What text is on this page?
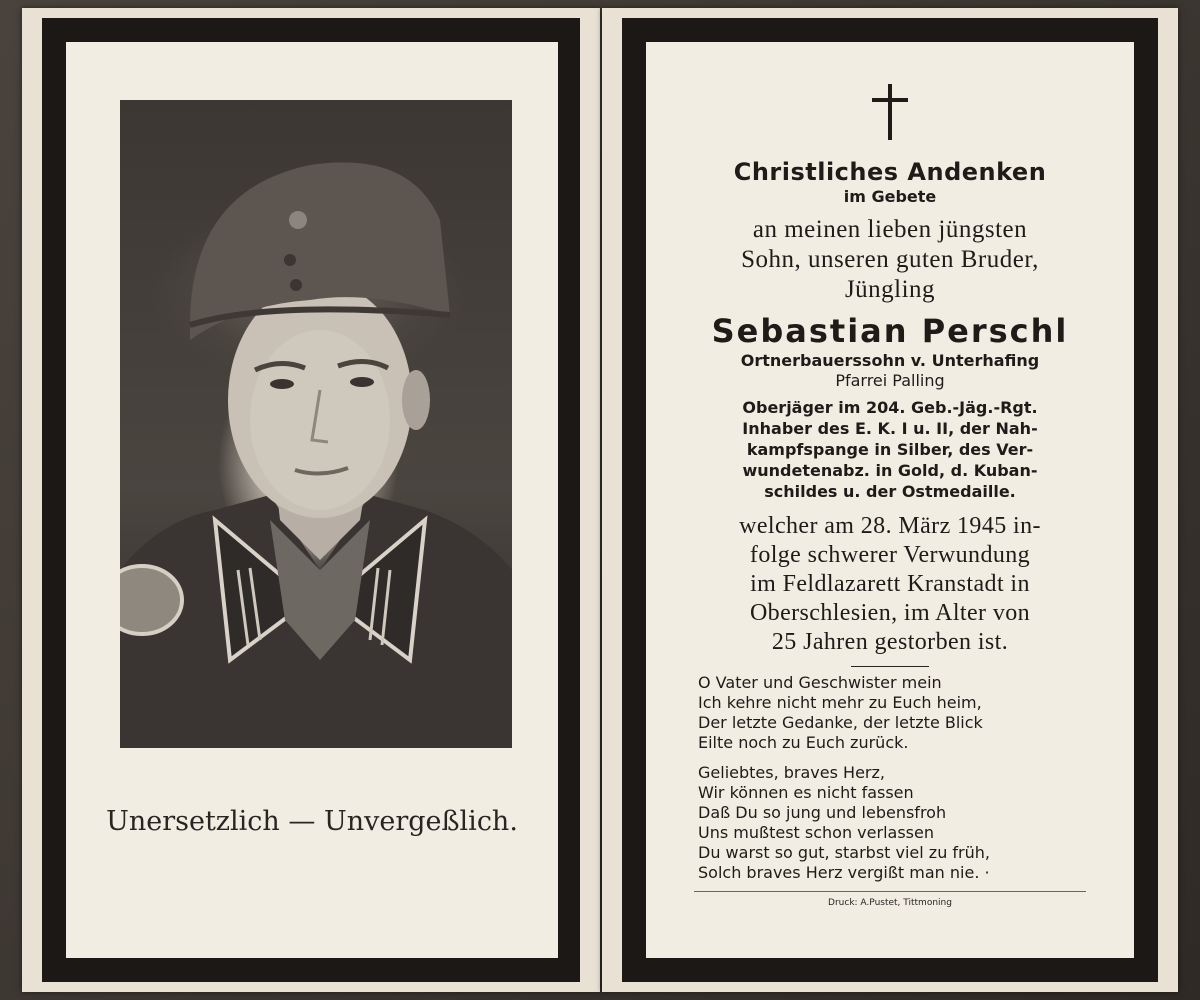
Unersetzlich — Unvergeßlich.
Christliches Andenken
im Gebete
an meinen lieben jüngsten
Sohn, unseren guten Bruder,
Jüngling
Sebastian Perschl
Ortnerbauerssohn v. Unterhafing
Pfarrei Palling
Oberjäger im 204. Geb.-Jäg.-Rgt.
Inhaber des E. K. I u. II, der Nah-
kampfspange in Silber, des Ver-
wundetenabz. in Gold, d. Kuban-
schildes u. der Ostmedaille.
welcher am 28. März 1945 in-
folge schwerer Verwundung
im Feldlazarett Kranstadt in
Oberschlesien, im Alter von
25 Jahren gestorben ist.
O Vater und Geschwister mein
Ich kehre nicht mehr zu Euch heim,
Der letzte Gedanke, der letzte Blick
Eilte noch zu Euch zurück.
Geliebtes, braves Herz,
Wir können es nicht fassen
Daß Du so jung und lebensfroh
Uns mußtest schon verlassen
Du warst so gut, starbst viel zu früh,
Solch braves Herz vergißt man nie. ·
Druck: A.Pustet, Tittmoning
